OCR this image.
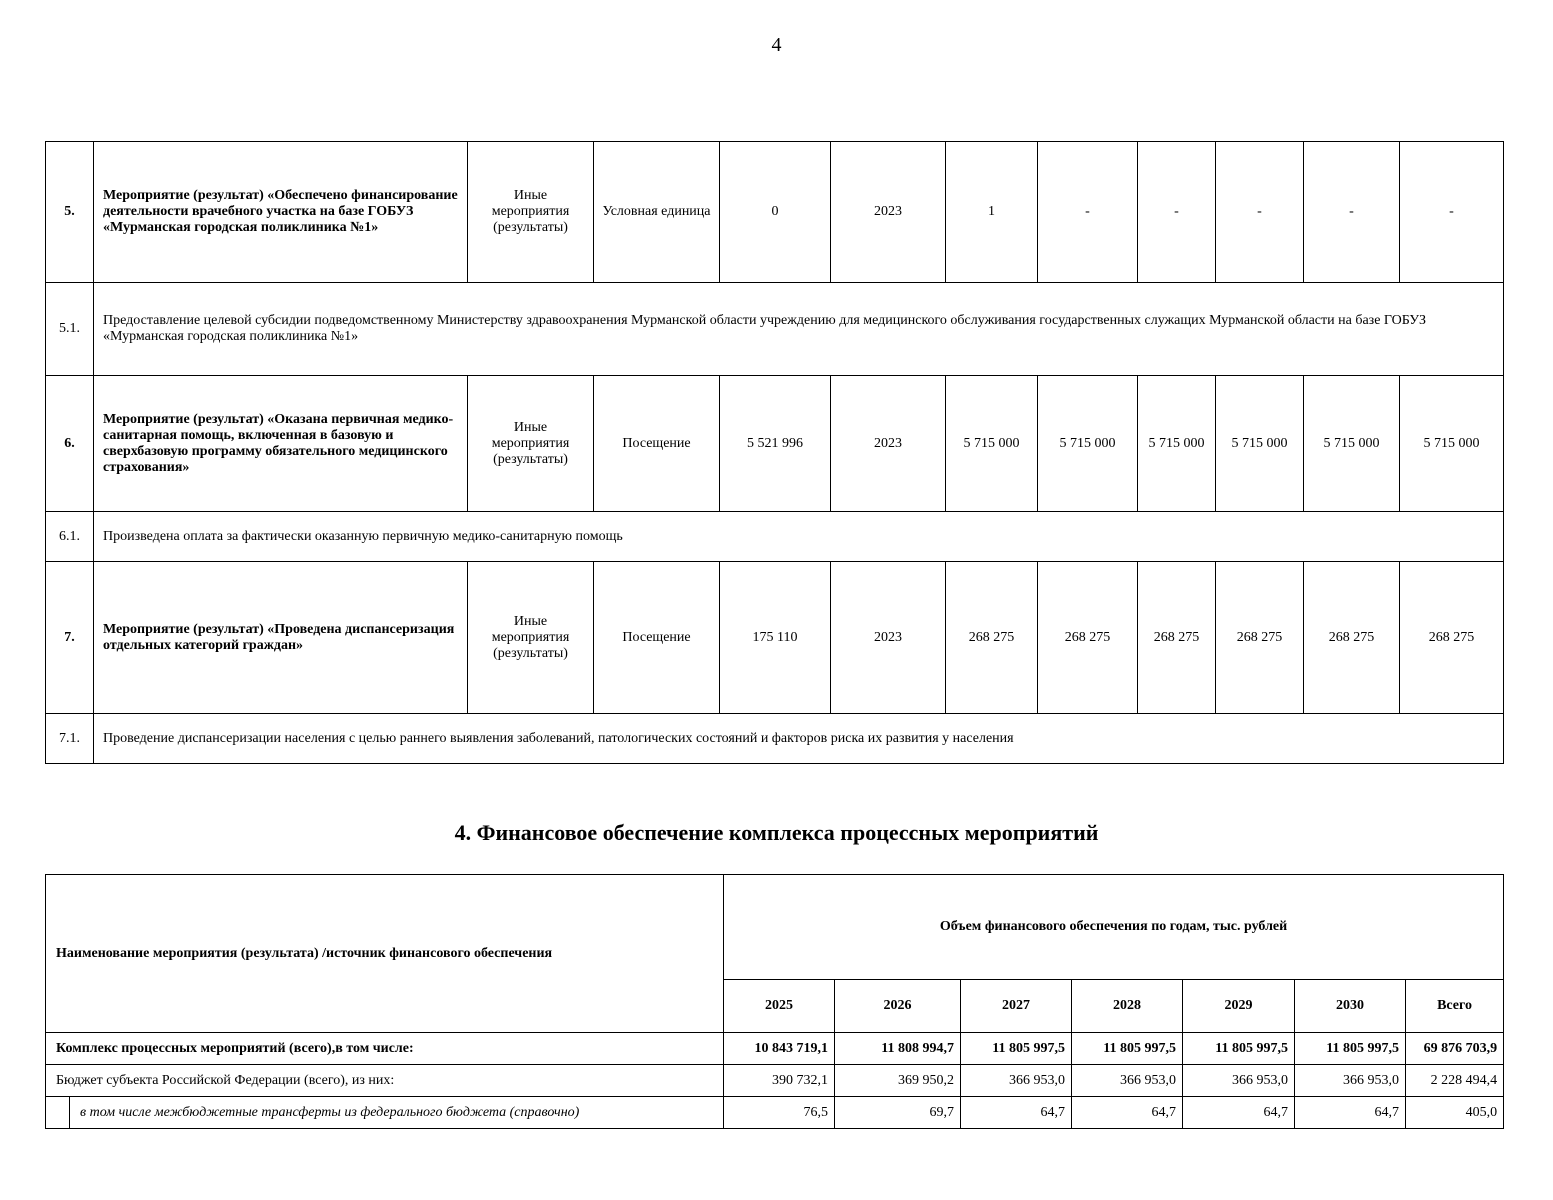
4
5.	Мероприятие (результат) «Обеспечено финансирование деятельности врачебного участка на базе ГОБУЗ «Мурманская городская поликлиника №1»	Иные мероприятия (результаты)	Условная единица	0	2023	1	-	-	-	-	-
5.1.	Предоставление целевой субсидии подведомственному Министерству здравоохранения Мурманской области учреждению для медицинского обслуживания государственных служащих Мурманской области на базе ГОБУЗ «Мурманская городская поликлиника №1»										
6.	Мероприятие (результат) «Оказана первичная медико-санитарная помощь, включенная в базовую и сверхбазовую программу обязательного медицинского страхования»	Иные мероприятия (результаты)	Посещение	5 521 996	2023	5 715 000	5 715 000	5 715 000	5 715 000	5 715 000	5 715 000
6.1.	Произведена оплата за фактически оказанную первичную медико-санитарную помощь										
7.	Мероприятие (результат) «Проведена диспансеризация отдельных категорий граждан»	Иные мероприятия (результаты)	Посещение	175 110	2023	268 275	268 275	268 275	268 275	268 275	268 275
7.1.	Проведение диспансеризации населения с целью раннего выявления заболеваний, патологических состояний и факторов риска их развития у населения										
4. Финансовое обеспечение комплекса процессных мероприятий
Наименование мероприятия (результата) /источник финансового обеспечения		Объем финансового обеспечения по годам, тыс. рублей						
		2025	2026	2027	2028	2029	2030	Всего
Комплекс процессных мероприятий (всего),в том числе:		10 843 719,1	11 808 994,7	11 805 997,5	11 805 997,5	11 805 997,5	11 805 997,5	69 876 703,9
Бюджет субъекта Российской Федерации (всего), из них:		390 732,1	369 950,2	366 953,0	366 953,0	366 953,0	366 953,0	2 228 494,4
	в том числе межбюджетные трансферты из федерального бюджета (справочно)	76,5	69,7	64,7	64,7	64,7	64,7	405,0
